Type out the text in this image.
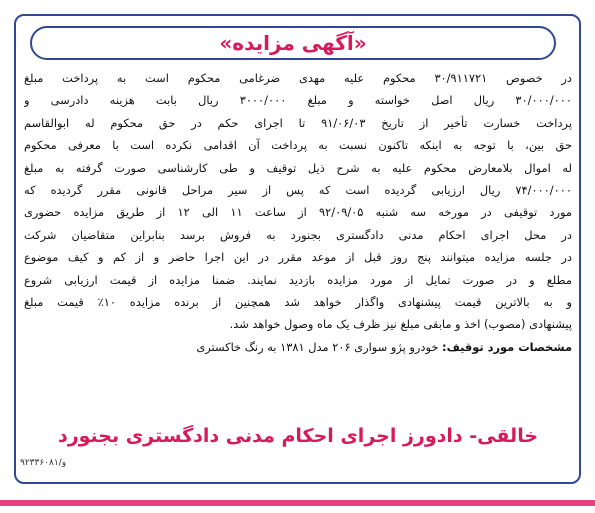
«آگهی مزایده»
در خصوص ۳۰/۹۱۱۷۲۱ محکوم علیه مهدی ضرغامی محکوم است به پرداخت مبلغ
۳۰/۰۰۰/۰۰۰ ریال اصل خواسته و مبلغ ۳۰۰۰/۰۰۰ ریال بابت هزینه دادرسی و
پرداخت خسارت تأخیر از تاریخ ۹۱/۰۶/۰۳ تا اجرای حکم در حق محکوم له ابوالقاسم
حق بین، با توجه به اینکه تاکنون نسبت به پرداخت آن اقدامی نکرده است با معرفی محکوم
له اموال بلامعارض محکوم علیه به شرح ذیل توقیف و طی کارشناسی صورت گرفته به مبلغ
۷۴/۰۰۰/۰۰۰ ریال ارزیابی گردیده است که پس از سیر مراحل قانونی مقرر گردیده که
مورد توقیفی در مورخه سه شنبه ۹۲/۰۹/۰۵ از ساعت ۱۱ الی ۱۲ از طریق مزایده حضوری
در محل اجرای احکام مدنی دادگستری بجنورد به فروش برسد بنابراین متقاضیان شرکت
در جلسه مزایده میتوانند پنج روز قبل از موعد مقرر در این اجرا حاضر و از کم و کیف موضوع
مطلع و در صورت تمایل از مورد مزایده بازدید نمایند. ضمنا مزایده از قیمت ارزیابی شروع
و به بالاترین قیمت پیشنهادی واگذار خواهد شد همچنین از برنده مزایده ۱۰٪ قیمت مبلغ
پیشنهادی (مصوب) اخذ و مابقی مبلغ نیز ظرف یک ماه وصول خواهد شد.
مشخصات مورد توقیف: خودرو پژو سواری ۲۰۶ مدل ۱۳۸۱ به رنگ خاکستری
خالقی- دادورز اجرای احکام مدنی دادگستری بجنورد
و/۹۲۳۳۶۰۸۱
